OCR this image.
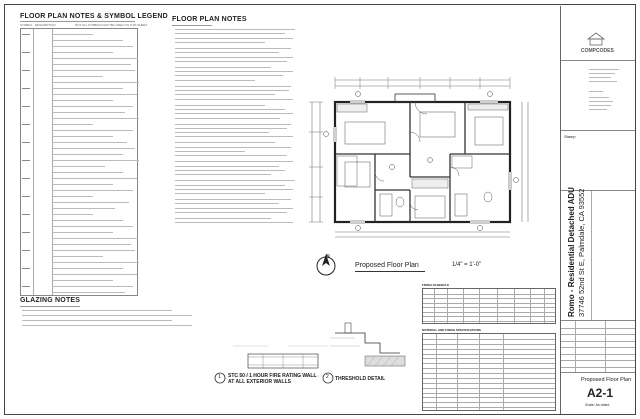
FLOOR PLAN NOTES & SYMBOL LEGEND
SYMBOL DESCRIPTION	NOT ALL SYMBOLS MAY BE USED ON THIS SHEET
GLAZING NOTES
FLOOR PLAN NOTES
N
Proposed Floor Plan	1/4" = 1'-0"
FINISH SCHEDULE
MATERIAL AND FINISH SPECIFICATIONS
1 STC 50 / 1 HOUR FIRE RATING WALL
AT ALL EXTERIOR WALLS
2 THRESHOLD DETAIL
COMPCODES
Stamp
Romo - Residential Detached ADU 37746 52nd St E, Palmdale, CA 93552
Proposed Floor Plan
A2-1
Scale: As noted
